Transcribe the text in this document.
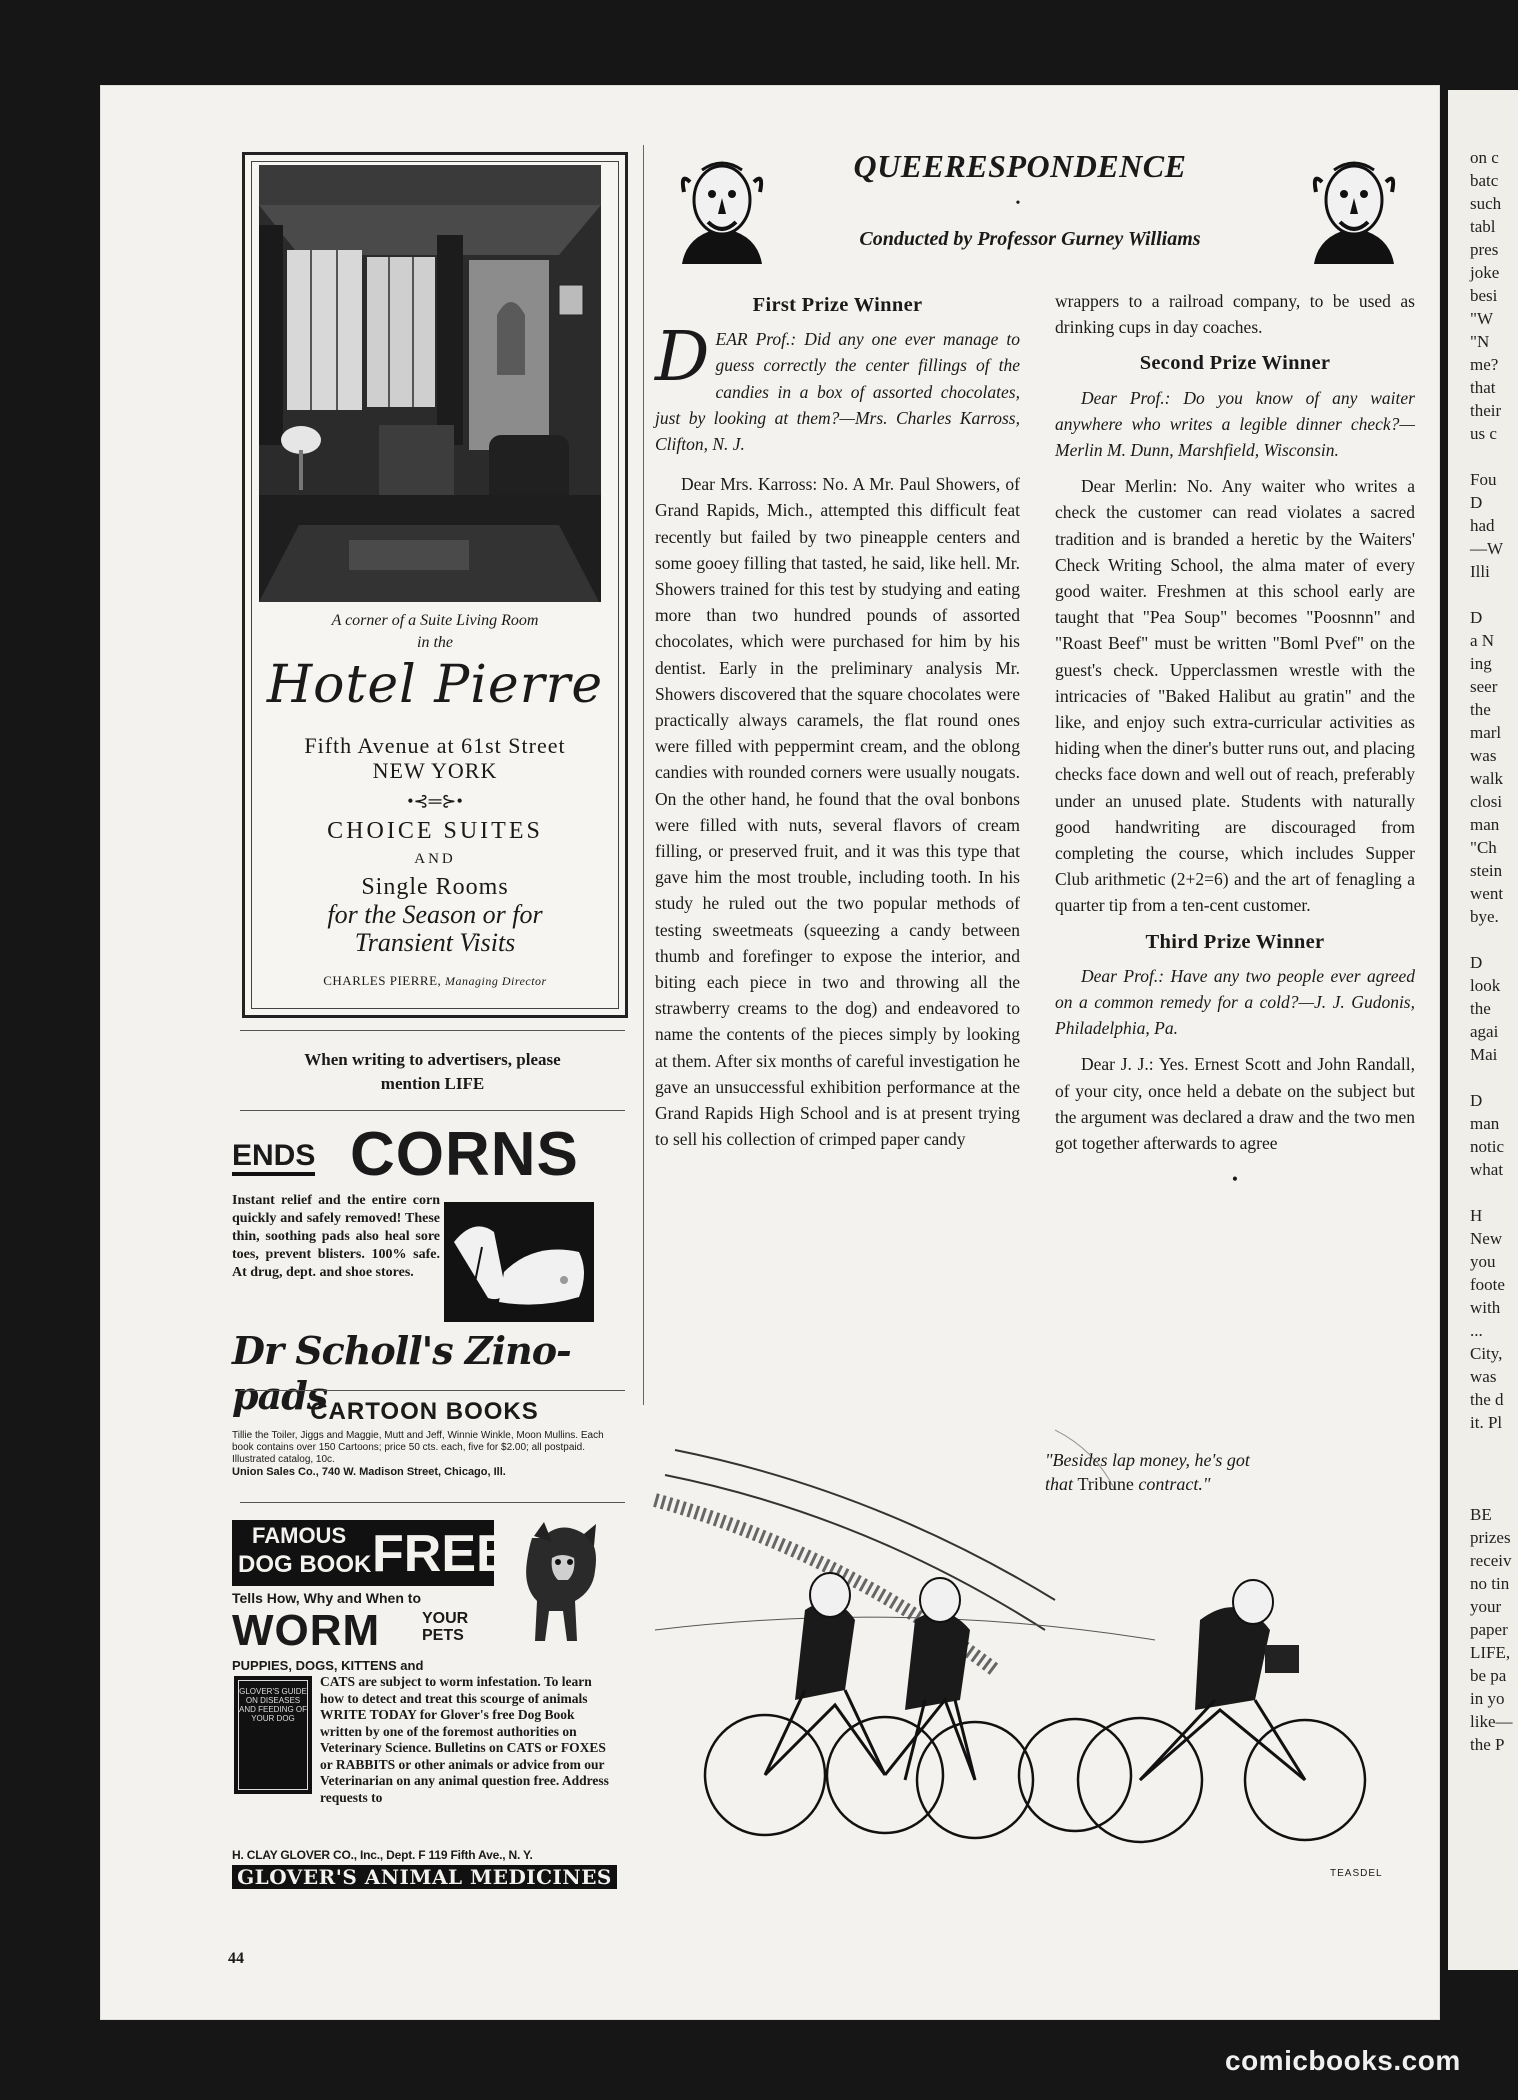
on c
batc
such
tabl
pres
joke
besi
"W
"N
me?
that
their
us c
Fou
D
had
—W
Illi
D
a N
ing
seer
the
marl
was
walk
closi
man
"Ch
stein
went
bye.
D
look
the
agai
Mai
D
man
notic
what
H
New
you
foote
with
...
City,
was
the d
it. Pl
BE
prizes
receiv
no tin
your
paper
LIFE,
be pa
in yo
like—
the P
A corner of a Suite Living Room
in the
Hotel Pierre
Fifth Avenue at 61st Street
NEW YORK
•⊰═⊱•
CHOICE SUITES
AND
Single Rooms
for the Season or for
Transient Visits
CHARLES PIERRE, Managing Director
When writing to advertisers, please
mention LIFE
ENDS CORNS
Instant relief and the entire corn quickly and safely removed! These thin, soothing pads also heal sore toes, prevent blisters. 100% safe. At drug, dept. and shoe stores.
Dr Scholl's Zino-pads
CARTOON BOOKS
Tillie the Toiler, Jiggs and Maggie, Mutt and Jeff, Winnie Winkle, Moon Mullins. Each book contains over 150 Cartoons; price 50 cts. each, five for $2.00; all postpaid. Illustrated catalog, 10c.
Union Sales Co., 740 W. Madison Street, Chicago, Ill.
FAMOUS
DOG BOOK FREE
Tells How, Why and When to
WORM	YOUR
PETS
PUPPIES, DOGS, KITTENS and
GLOVER'S GUIDE ON DISEASES AND FEEDING OF YOUR DOG
CATS are subject to worm infestation. To learn how to detect and treat this scourge of animals WRITE TODAY for Glover's free Dog Book written by one of the foremost authorities on Veterinary Science. Bulletins on CATS or FOXES or RABBITS or other animals or advice from our Veterinarian on any animal question free. Address requests to
H. CLAY GLOVER CO., Inc., Dept. F 119 Fifth Ave., N. Y.
GLOVER'S ANIMAL MEDICINES
44
QUEERESPONDENCE
•
Conducted by Professor Gurney Williams
First Prize Winner
DEAR Prof.: Did any one ever manage to guess correctly the center fillings of the candies in a box of assorted chocolates, just by looking at them?—Mrs. Charles Karross, Clifton, N. J.

Dear Mrs. Karross: No. A Mr. Paul Showers, of Grand Rapids, Mich., attempted this difficult feat recently but failed by two pineapple centers and some gooey filling that tasted, he said, like hell. Mr. Showers trained for this test by studying and eating more than two hundred pounds of assorted chocolates, which were purchased for him by his dentist. Early in the preliminary analysis Mr. Showers discovered that the square chocolates were practically always caramels, the flat round ones were filled with peppermint cream, and the oblong candies with rounded corners were usually nougats. On the other hand, he found that the oval bonbons were filled with nuts, several flavors of cream filling, or preserved fruit, and it was this type that gave him the most trouble, including tooth. In his study he ruled out the two popular methods of testing sweetmeats (squeezing a candy between thumb and forefinger to expose the interior, and biting each piece in two and throwing all the strawberry creams to the dog) and endeavored to name the contents of the pieces simply by looking at them. After six months of careful investigation he gave an unsuccessful exhibition performance at the Grand Rapids High School and is at present trying to sell his collection of crimped paper candy

wrappers to a railroad company, to be used as drinking cups in day coaches.

Second Prize Winner

Dear Prof.: Do you know of any waiter anywhere who writes a legible dinner check?—Merlin M. Dunn, Marshfield, Wisconsin.

Dear Merlin: No. Any waiter who writes a check the customer can read violates a sacred tradition and is branded a heretic by the Waiters' Check Writing School, the alma mater of every good waiter. Freshmen at this school early are taught that "Pea Soup" becomes "Poosnnn" and "Roast Beef" must be written "Boml Pvef" on the guest's check. Upperclassmen wrestle with the intricacies of "Baked Halibut au gratin" and the like, and enjoy such extra-curricular activities as hiding when the diner's butter runs out, and placing checks face down and well out of reach, preferably under an unused plate. Students with naturally good handwriting are discouraged from completing the course, which includes Supper Club arithmetic (2+2=6) and the art of fenagling a quarter tip from a ten-cent customer.

Third Prize Winner

Dear Prof.: Have any two people ever agreed on a common remedy for a cold?—J. J. Gudonis, Philadelphia, Pa.

Dear J. J.: Yes. Ernest Scott and John Randall, of your city, once held a debate on the subject but the argument was declared a draw and the two men got together afterwards to agree

•
"Besides lap money, he's got
that Tribune contract."
TEASDEL
comicbooks.com
